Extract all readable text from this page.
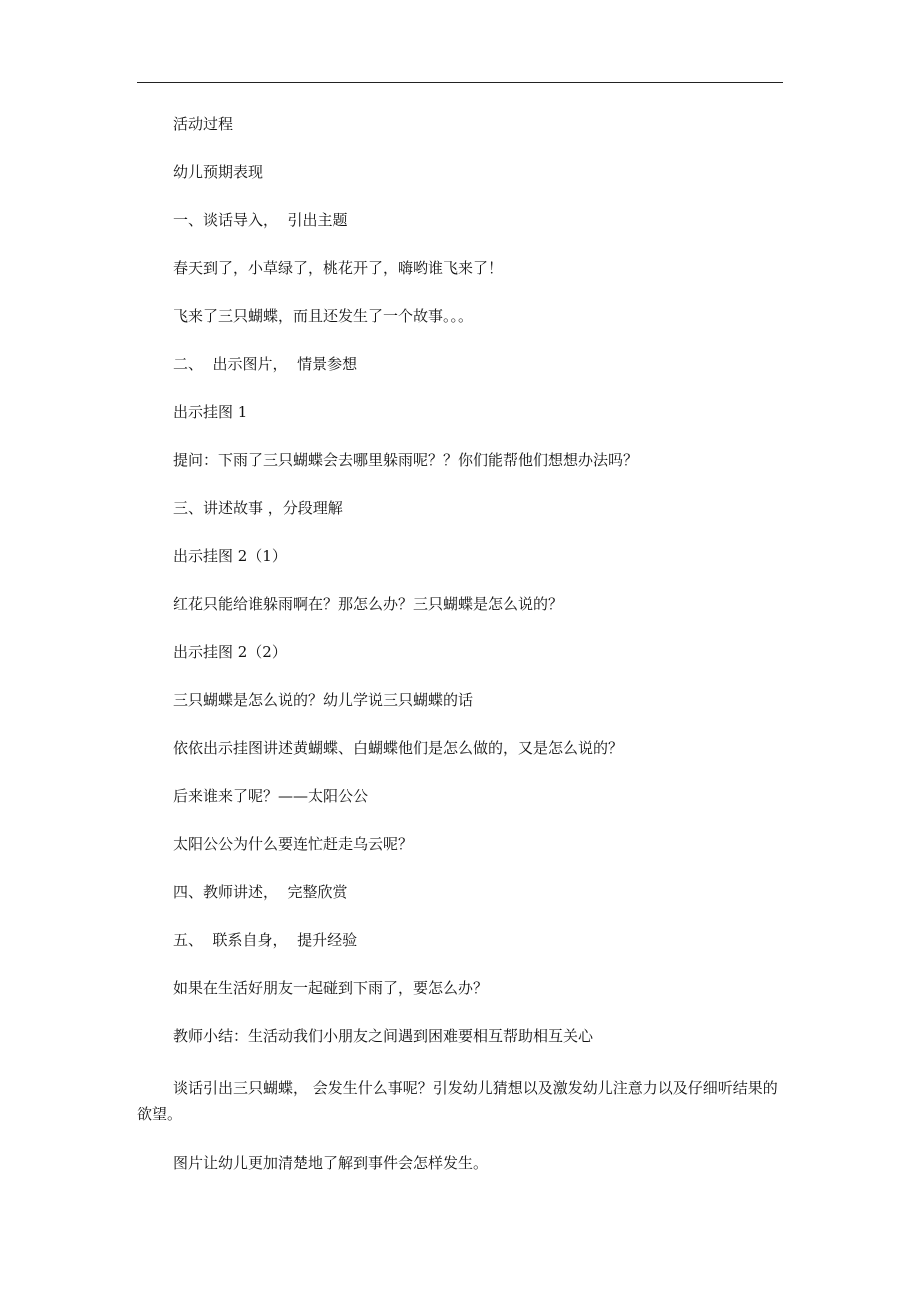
活动过程

幼儿预期表现

一、谈话导入，  引出主题

春天到了，小草绿了，桃花开了，嗨哟谁飞来了！

飞来了三只蝴蝶，而且还发生了一个故事。。。

二、  出示图片，  情景参想

出示挂图 1

提问：下雨了三只蝴蝶会去哪里躲雨呢？？你们能帮他们想想办法吗？

三、讲述故事 ，分段理解

出示挂图 2（1）

红花只能给谁躲雨啊在？那怎么办？三只蝴蝶是怎么说的？

出示挂图 2（2）

三只蝴蝶是怎么说的？幼儿学说三只蝴蝶的话

依依出示挂图讲述黄蝴蝶、白蝴蝶他们是怎么做的，又是怎么说的？

后来谁来了呢？——太阳公公

太阳公公为什么要连忙赶走乌云呢？

四、教师讲述，  完整欣赏

五、  联系自身，  提升经验

如果在生活好朋友一起碰到下雨了，要怎么办？

教师小结：生活动我们小朋友之间遇到困难要相互帮助相互关心

谈话引出三只蝴蝶， 会发生什么事呢？引发幼儿猜想以及激发幼儿注意力以及仔细听结果的欲望。

图片让幼儿更加清楚地了解到事件会怎样发生。
